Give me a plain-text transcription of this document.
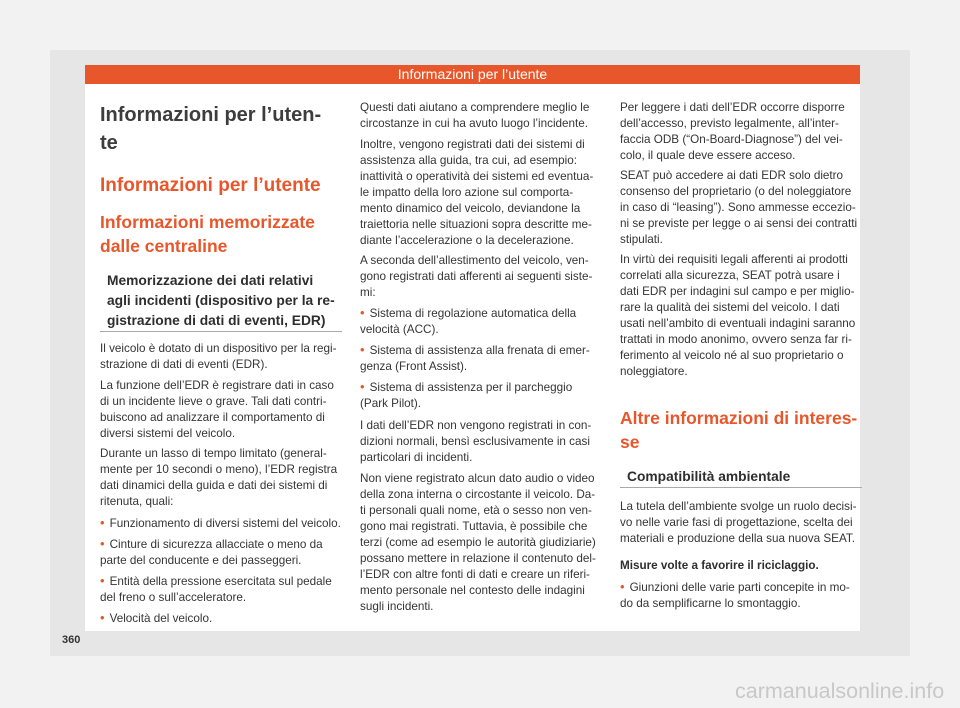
Informazioni per l’utente
Informazioni per l’uten-
te
Informazioni per l’utente
Informazioni memorizzate
dalle centraline
Memorizzazione dei dati relativi
agli incidenti (dispositivo per la re-
gistrazione di dati di eventi, EDR)
Il veicolo è dotato di un dispositivo per la regi-
strazione di dati di eventi (EDR).
La funzione dell’EDR è registrare dati in caso
di un incidente lieve o grave. Tali dati contri-
buiscono ad analizzare il comportamento di
diversi sistemi del veicolo.
Durante un lasso di tempo limitato (general-
mente per 10 secondi o meno), l’EDR registra
dati dinamici della guida e dati dei sistemi di
ritenuta, quali:
• Funzionamento di diversi sistemi del veicolo.
• Cinture di sicurezza allacciate o meno da
parte del conducente e dei passeggeri.
• Entità della pressione esercitata sul pedale
del freno o sull’acceleratore.
• Velocità del veicolo.
Questi dati aiutano a comprendere meglio le
circostanze in cui ha avuto luogo l’incidente.
Inoltre, vengono registrati dati dei sistemi di
assistenza alla guida, tra cui, ad esempio:
inattività o operatività dei sistemi ed eventua-
le impatto della loro azione sul comporta-
mento dinamico del veicolo, deviandone la
traiettoria nelle situazioni sopra descritte me-
diante l’accelerazione o la decelerazione.
A seconda dell’allestimento del veicolo, ven-
gono registrati dati afferenti ai seguenti siste-
mi:
• Sistema di regolazione automatica della
velocità (ACC).
• Sistema di assistenza alla frenata di emer-
genza (Front Assist).
• Sistema di assistenza per il parcheggio
(Park Pilot).
I dati dell’EDR non vengono registrati in con-
dizioni normali, bensì esclusivamente in casi
particolari di incidenti.
Non viene registrato alcun dato audio o video
della zona interna o circostante il veicolo. Da-
ti personali quali nome, età o sesso non ven-
gono mai registrati. Tuttavia, è possibile che
terzi (come ad esempio le autorità giudiziarie)
possano mettere in relazione il contenuto del-
l’EDR con altre fonti di dati e creare un riferi-
mento personale nel contesto delle indagini
sugli incidenti.
Per leggere i dati dell’EDR occorre disporre
dell’accesso, previsto legalmente, all’inter-
faccia ODB (“On-Board-Diagnose”) del vei-
colo, il quale deve essere acceso.
SEAT può accedere ai dati EDR solo dietro
consenso del proprietario (o del noleggiatore
in caso di “leasing”). Sono ammesse eccezio-
ni se previste per legge o ai sensi dei contratti
stipulati.
In virtù dei requisiti legali afferenti ai prodotti
correlati alla sicurezza, SEAT potrà usare i
dati EDR per indagini sul campo e per miglio-
rare la qualità dei sistemi del veicolo. I dati
usati nell’ambito di eventuali indagini saranno
trattati in modo anonimo, ovvero senza far ri-
ferimento al veicolo né al suo proprietario o
noleggiatore.
Altre informazioni di interes-
se
Compatibilità ambientale
La tutela dell’ambiente svolge un ruolo decisi-
vo nelle varie fasi di progettazione, scelta dei
materiali e produzione della sua nuova SEAT.
Misure volte a favorire il riciclaggio.
• Giunzioni delle varie parti concepite in mo-
do da semplificarne lo smontaggio.
360
carmanualsonline.info
